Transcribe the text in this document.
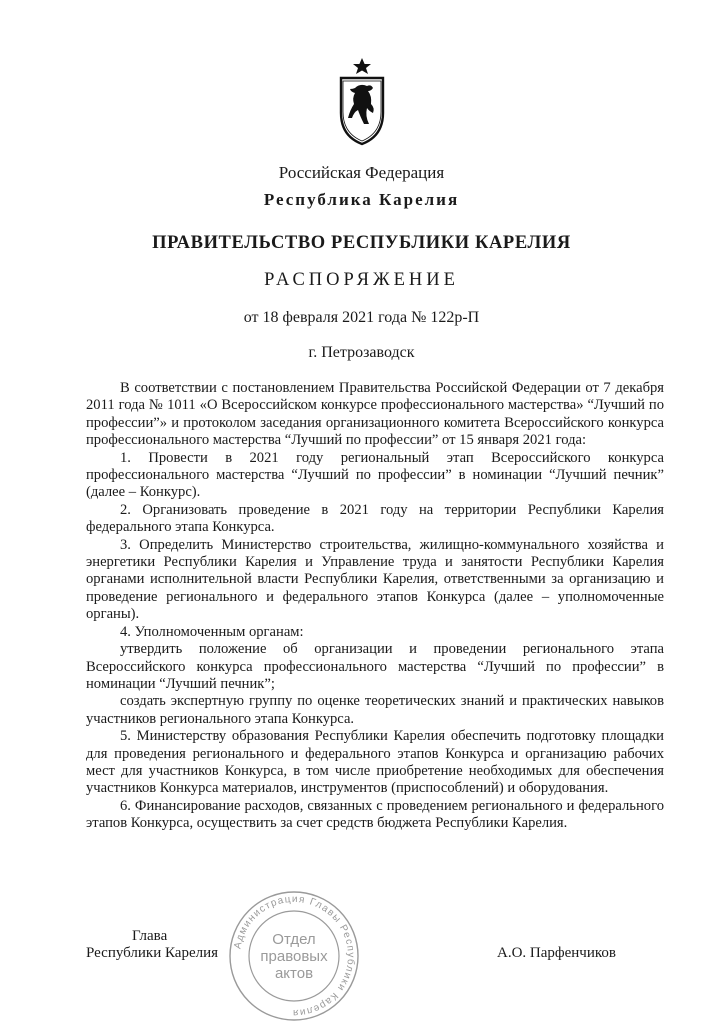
Российская Федерация
Республика Карелия
ПРАВИТЕЛЬСТВО РЕСПУБЛИКИ КАРЕЛИЯ
РАСПОРЯЖЕНИЕ
от 18 февраля 2021 года № 122р-П
г. Петрозаводск

В соответствии с постановлением Правительства Российской Федерации от 7 декабря 2011 года № 1011 «О Всероссийском конкурсе профессионального мастерства» “Лучший по профессии”» и протоколом заседания организационного комитета Всероссийского конкурса профессионального мастерства “Лучший по профессии” от 15 января 2021 года:

1. Провести в 2021 году региональный этап Всероссийского конкурса профессионального мастерства “Лучший по профессии” в номинации “Лучший печник” (далее – Конкурс).

2. Организовать проведение в 2021 году на территории Республики Карелия федерального этапа Конкурса.

3. Определить Министерство строительства, жилищно-коммунального хозяйства и энергетики Республики Карелия и Управление труда и занятости Республики Карелия органами исполнительной власти Республики Карелия, ответственными за организацию и проведение регионального и федерального этапов Конкурса (далее – уполномоченные органы).

4. Уполномоченным органам:

утвердить положение об организации и проведении регионального этапа Всероссийского конкурса профессионального мастерства “Лучший по профессии” в номинации “Лучший печник”;

создать экспертную группу по оценке теоретических знаний и практических навыков участников регионального этапа Конкурса.

5. Министерству образования Республики Карелия обеспечить подготовку площадки для проведения регионального и федерального этапов Конкурса и организацию рабочих мест для участников Конкурса, в том числе приобретение необходимых для обеспечения участников Конкурса материалов, инструментов (приспособлений) и оборудования.

6. Финансирование расходов, связанных с проведением регионального и федерального этапов Конкурса, осуществить за счет средств бюджета Республики Карелия.

Администрация Главы Республики Карелия
Отдел
правовых
актов
Глава
Республики Карелия	А.О. Парфенчиков
